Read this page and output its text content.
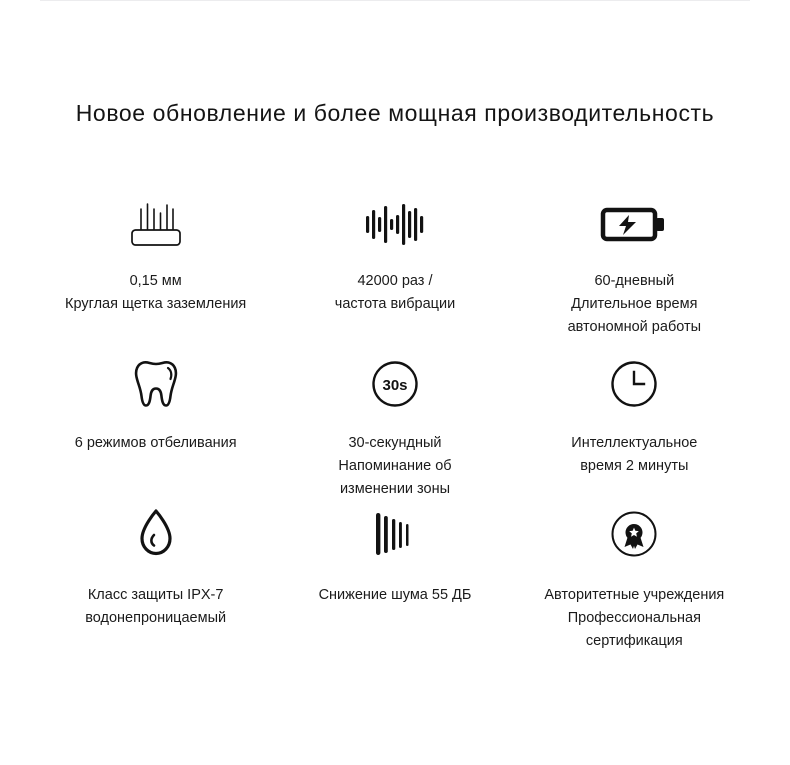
Новое обновление и более мощная производительность
0,15 мм
Круглая щетка заземления
42000 раз /
частота вибрации
60-дневный
Длительное время
автономной работы
6 режимов отбеливания
30s
30-секундный
Напоминание об
изменении зоны
Интеллектуальное
время 2 минуты
Класс защиты IPX-7
водонепроницаемый
Снижение шума 55 ДБ	Авторитетные учреждения
Профессиональная
сертификация
